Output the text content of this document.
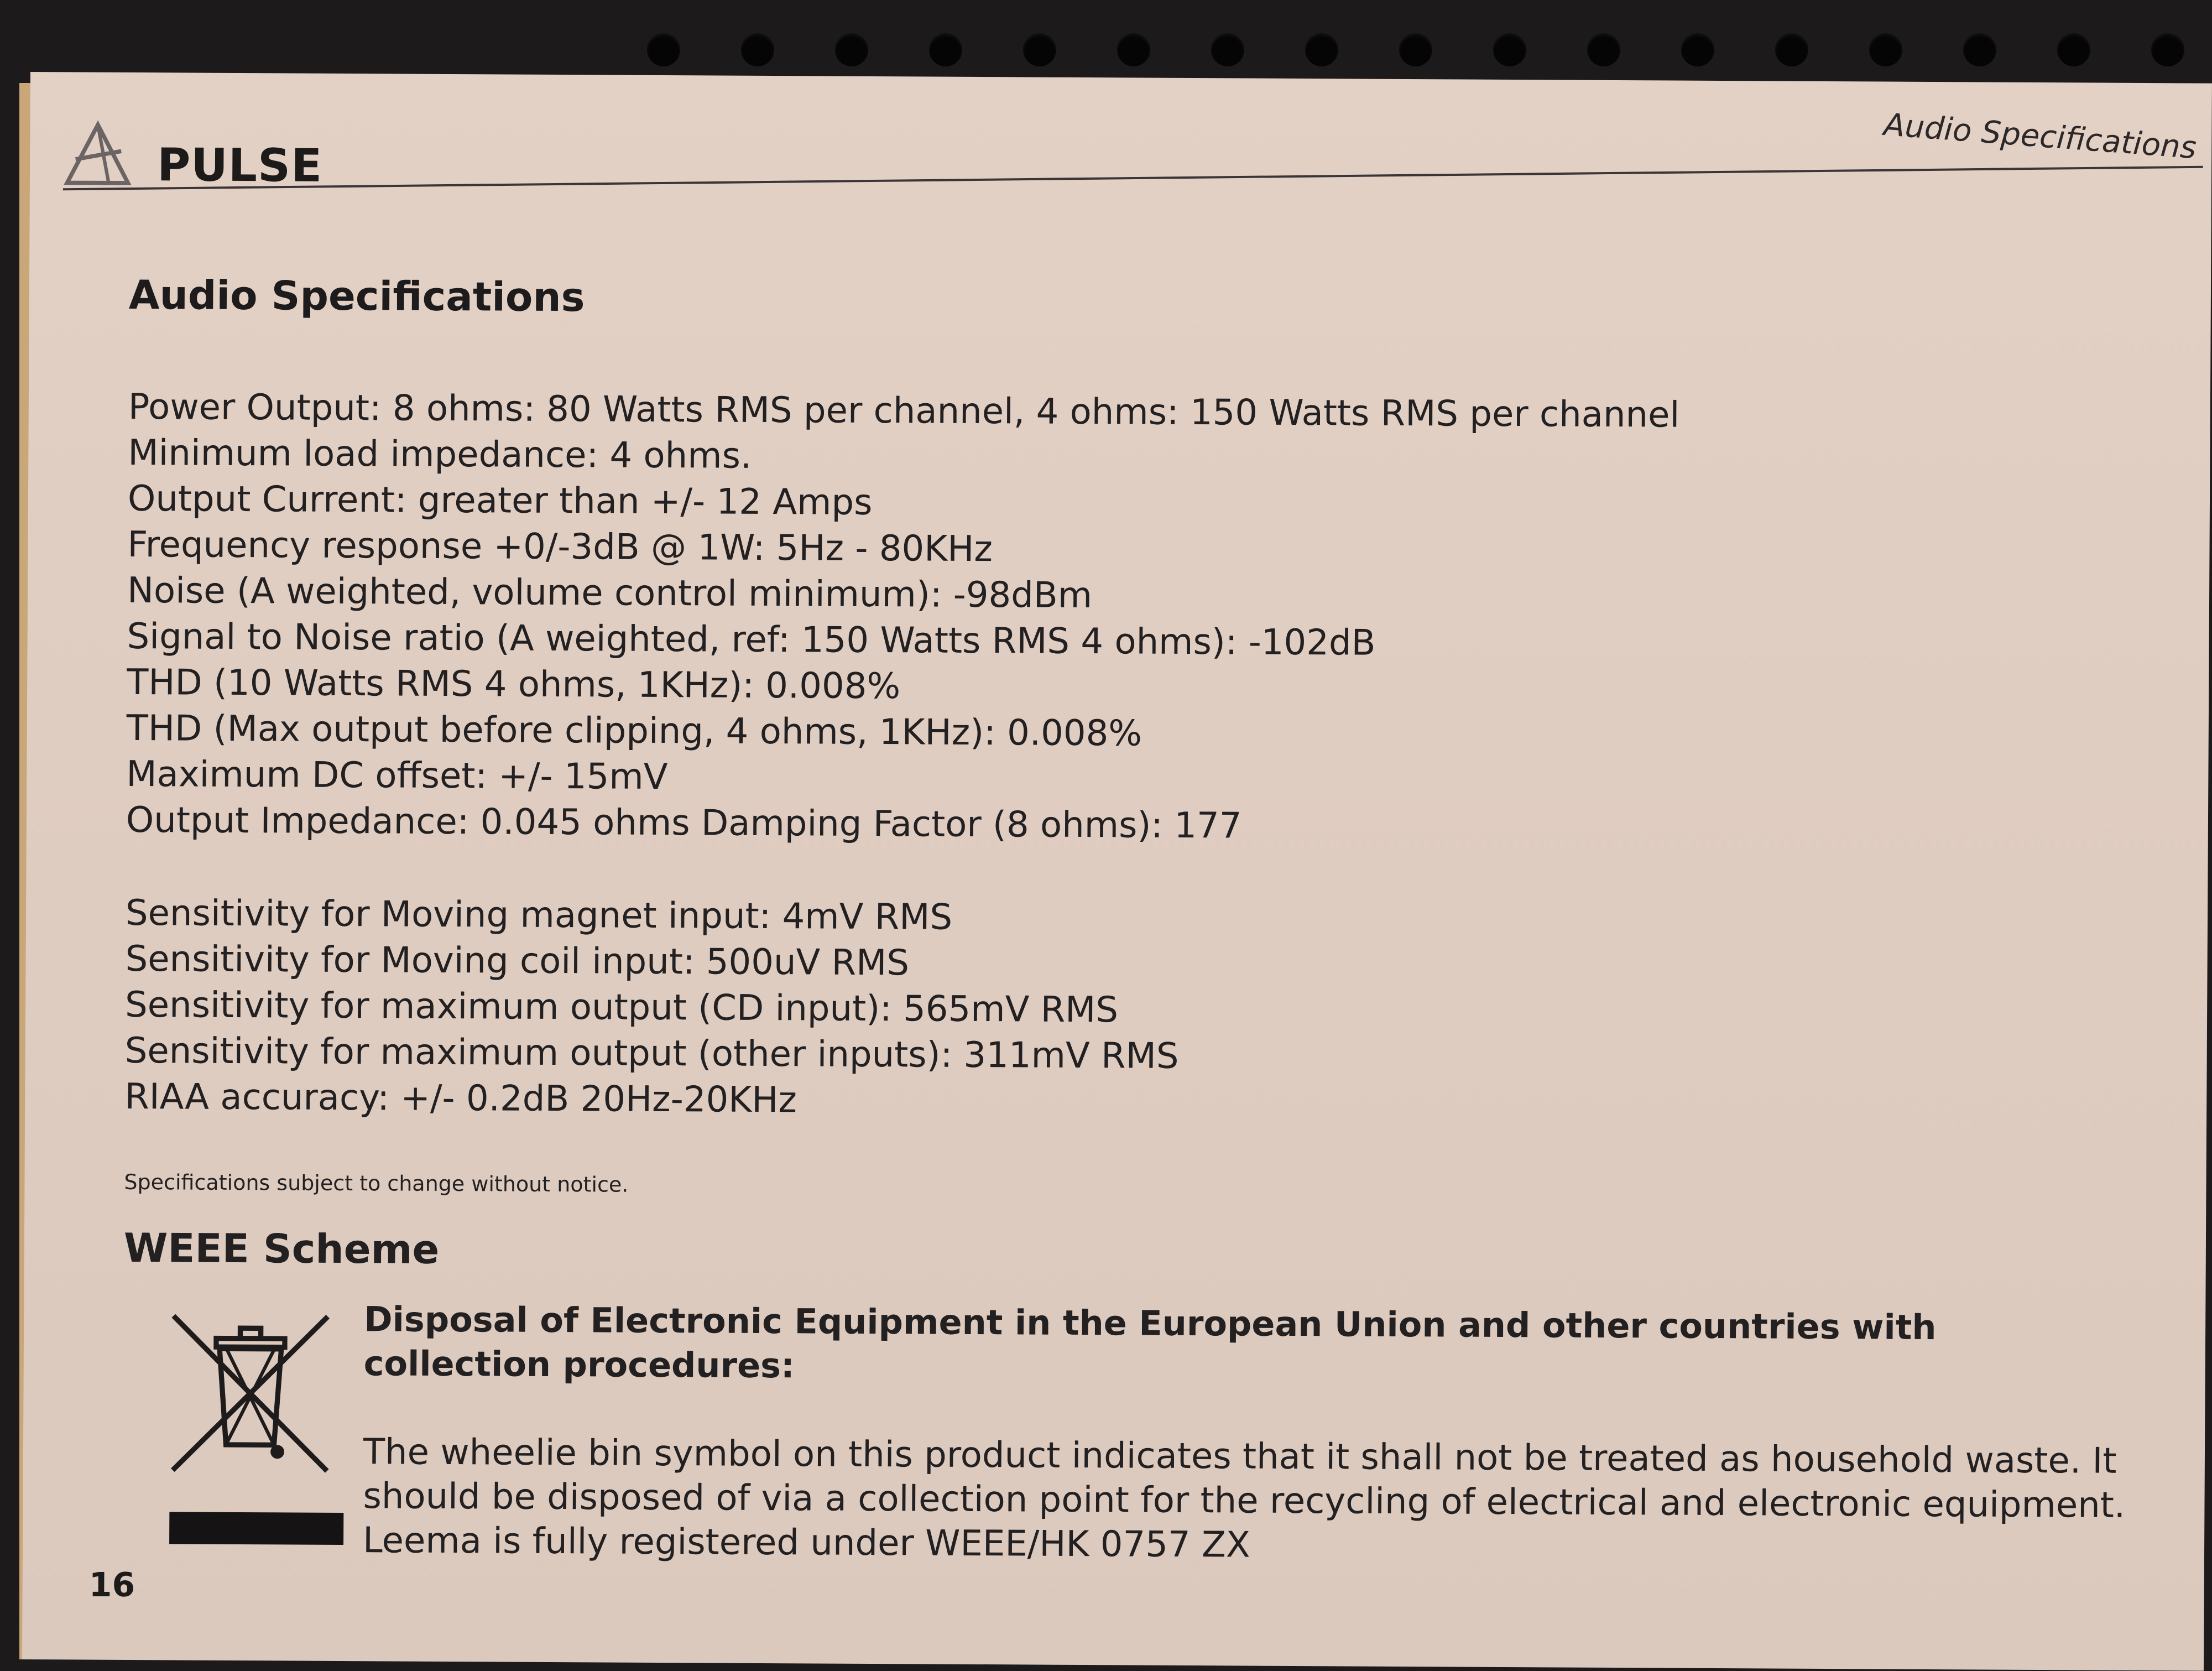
PULSE	Audio Specifications
Audio Specifications
Power Output: 8 ohms: 80 Watts RMS per channel, 4 ohms: 150 Watts RMS per channel
Minimum load impedance: 4 ohms.
Output Current: greater than +/- 12 Amps
Frequency response +0/-3dB @ 1W: 5Hz - 80KHz
Noise (A weighted, volume control minimum): -98dBm
Signal to Noise ratio (A weighted, ref: 150 Watts RMS 4 ohms): -102dB
THD (10 Watts RMS 4 ohms, 1KHz): 0.008%
THD (Max output before clipping, 4 ohms, 1KHz): 0.008%
Maximum DC offset: +/- 15mV
Output Impedance: 0.045 ohms Damping Factor (8 ohms): 177
Sensitivity for Moving magnet input: 4mV RMS
Sensitivity for Moving coil input: 500uV RMS
Sensitivity for maximum output (CD input): 565mV RMS
Sensitivity for maximum output (other inputs): 311mV RMS
RIAA accuracy: +/- 0.2dB 20Hz-20KHz
Specifications subject to change without notice.
WEEE Scheme
Disposal of Electronic Equipment in the European Union and other countries with collection procedures:
The wheelie bin symbol on this product indicates that it shall not be treated as household waste. It should be disposed of via a collection point for the recycling of electrical and electronic equipment. Leema is fully registered under WEEE/HK 0757 ZX
16
